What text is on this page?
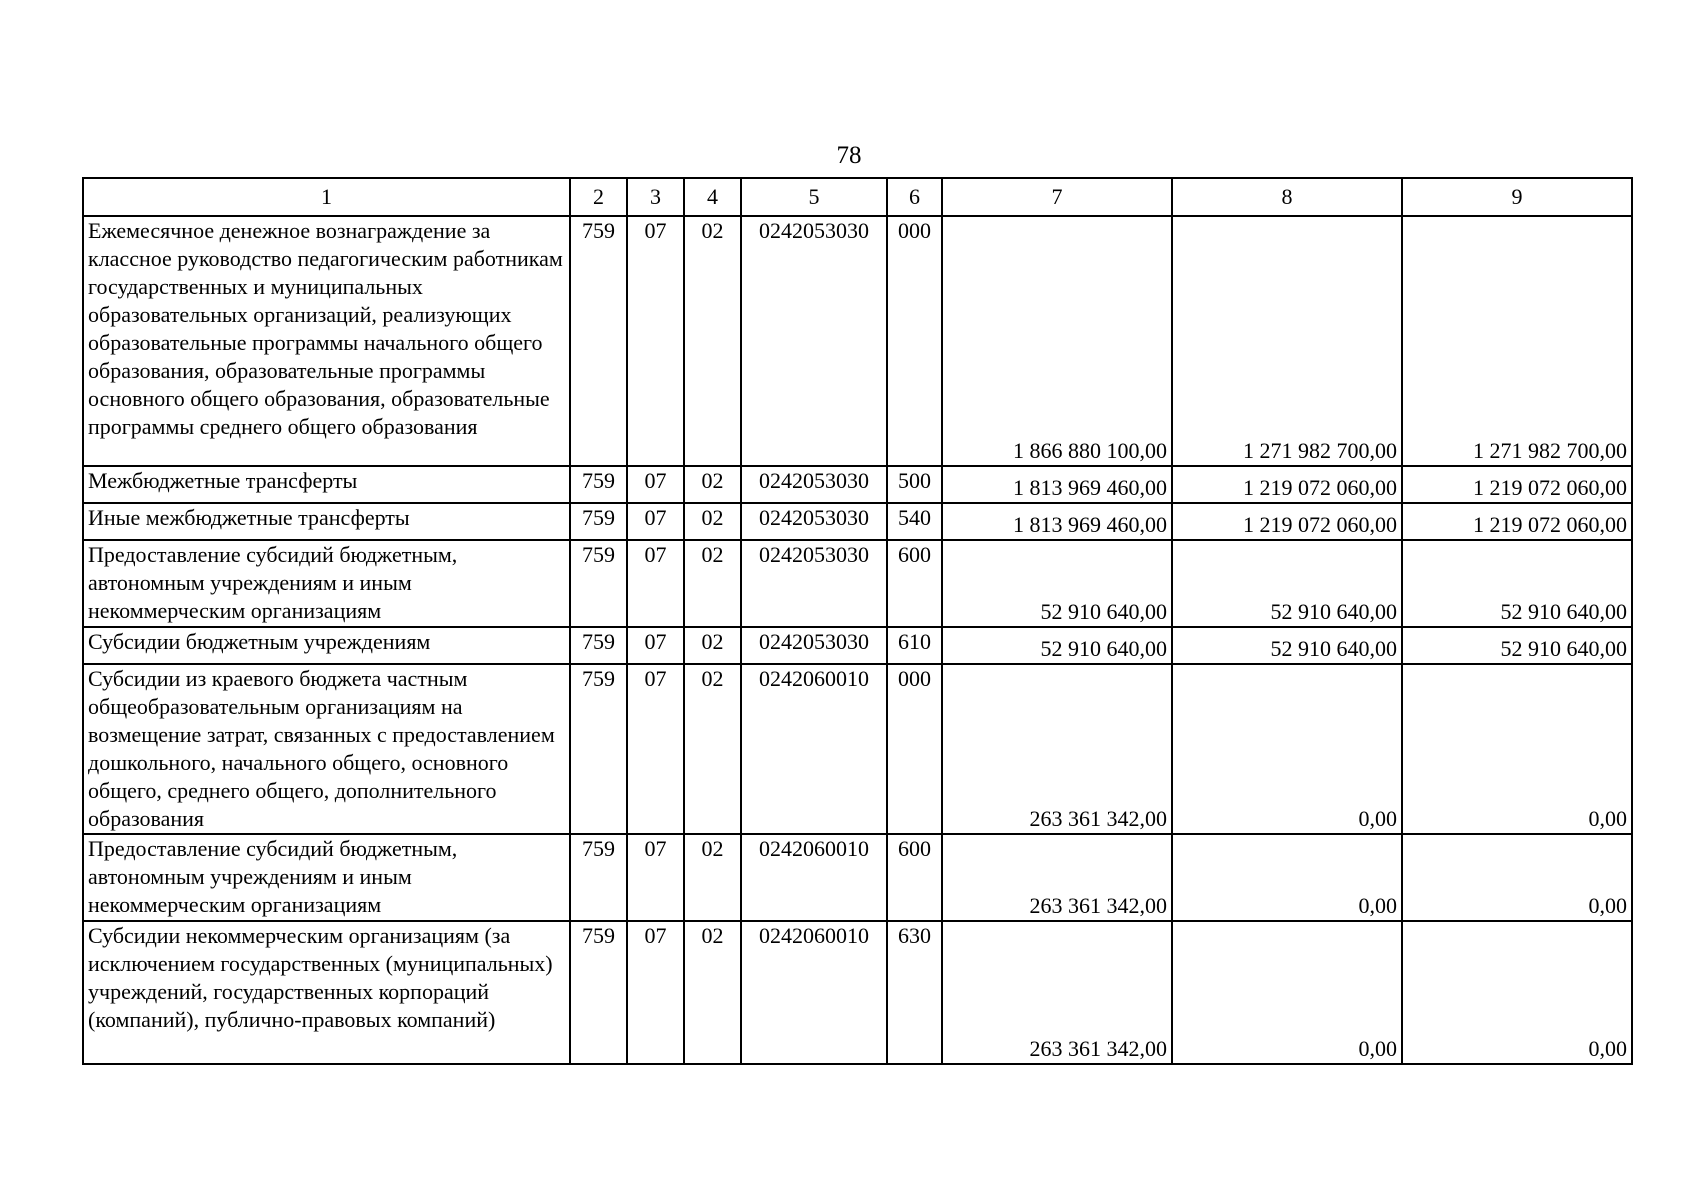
78
1	2	3	4	5	6	7	8	9
Ежемесячное денежное вознаграждение за классное руководство педагогическим работникам государственных и муниципальных образовательных организаций, реализующих образовательные программы начального общего образования, образовательные программы основного общего образования, образовательные программы среднего общего образования	759	07	02	0242053030	000	1 866 880 100,00	1 271 982 700,00	1 271 982 700,00
Межбюджетные трансферты	759	07	02	0242053030	500	1 813 969 460,00	1 219 072 060,00	1 219 072 060,00
Иные межбюджетные трансферты	759	07	02	0242053030	540	1 813 969 460,00	1 219 072 060,00	1 219 072 060,00
Предоставление субсидий бюджетным, автономным учреждениям и иным некоммерческим организациям	759	07	02	0242053030	600	52 910 640,00	52 910 640,00	52 910 640,00
Субсидии бюджетным учреждениям	759	07	02	0242053030	610	52 910 640,00	52 910 640,00	52 910 640,00
Субсидии из краевого бюджета частным общеобразовательным организациям на возмещение затрат, связанных с предоставлением дошкольного, начального общего, основного общего, среднего общего, дополнительного образования	759	07	02	0242060010	000	263 361 342,00	0,00	0,00
Предоставление субсидий бюджетным, автономным учреждениям и иным некоммерческим организациям	759	07	02	0242060010	600	263 361 342,00	0,00	0,00
Субсидии некоммерческим организациям (за исключением государственных (муниципальных) учреждений, государственных корпораций (компаний), публично-правовых компаний)	759	07	02	0242060010	630	263 361 342,00	0,00	0,00
